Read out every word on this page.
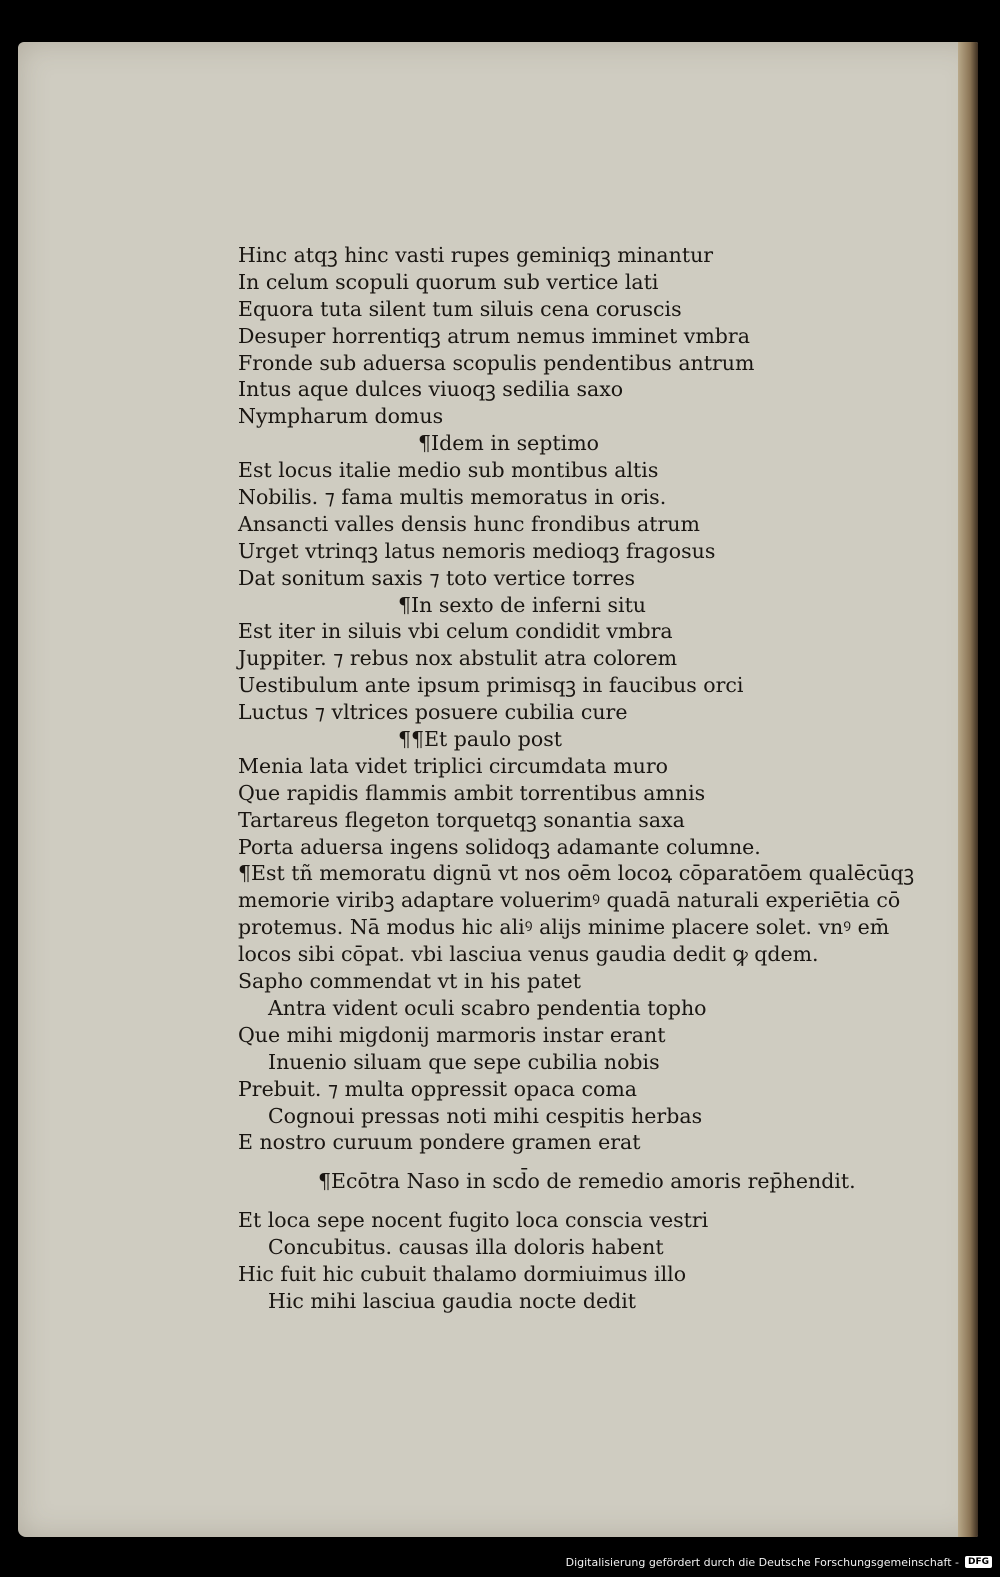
Hinc atqꝫ hinc vasti rupes geminiqꝫ minantur
In celum scopuli quorum sub vertice lati
Equora tuta silent tum siluis cena coruscis
Desuper horrentiqꝫ atrum nemus imminet vmbra
Fronde sub aduersa scopulis pendentibus antrum
Intus aque dulces viuoqꝫ sedilia saxo
Nympharum domus
¶Idem in septimo
Est locus italie medio sub montibus altis
Nobilis. ⁊ fama multis memoratus in oris.
Ansancti valles densis hunc frondibus atrum
Urget vtrinqꝫ latus nemoris medioqꝫ fragosus
Dat sonitum saxis ⁊ toto vertice torres
¶In sexto de inferni situ
Est iter in siluis vbi celum condidit vmbra
Juppiter. ⁊ rebus nox abstulit atra colorem
Uestibulum ante ipsum primisqꝫ in faucibus orci
Luctus ⁊ vltrices posuere cubilia cure
¶¶Et paulo post
Menia lata videt triplici circumdata muro
Que rapidis flammis ambit torrentibus amnis
Tartareus flegeton torquetqꝫ sonantia saxa
Porta aduersa ingens solidoqꝫ adamante columne.
¶Est tñ memoratu dignū vt nos oēm locoꝝ cōparatōem qualēcūqꝫ
memorie viribꝫ adaptare voluerimꝰ quadā naturali experiētia cō
protemus. Nā modus hic aliꝰ alijs minime placere solet. vnꝰ em̄
locos sibi cōpat. vbi lasciua venus gaudia dedit ꝙ qdem.
Sapho commendat vt in his patet
Antra vident oculi scabro pendentia topho
Que mihi migdonij marmoris instar erant
Inuenio siluam que sepe cubilia nobis
Prebuit. ⁊ multa oppressit opaca coma
Cognoui pressas noti mihi cespitis herbas
E nostro curuum pondere gramen erat
¶Ecōtra Naso in scd̄o de remedio amoris rep̄hendit.
Et loca sepe nocent fugito loca conscia vestri
Concubitus. causas illa doloris habent
Hic fuit hic cubuit thalamo dormiuimus illo
Hic mihi lasciua gaudia nocte dedit
Digitalisierung gefördert durch die Deutsche Forschungsgemeinschaft -	DFG
